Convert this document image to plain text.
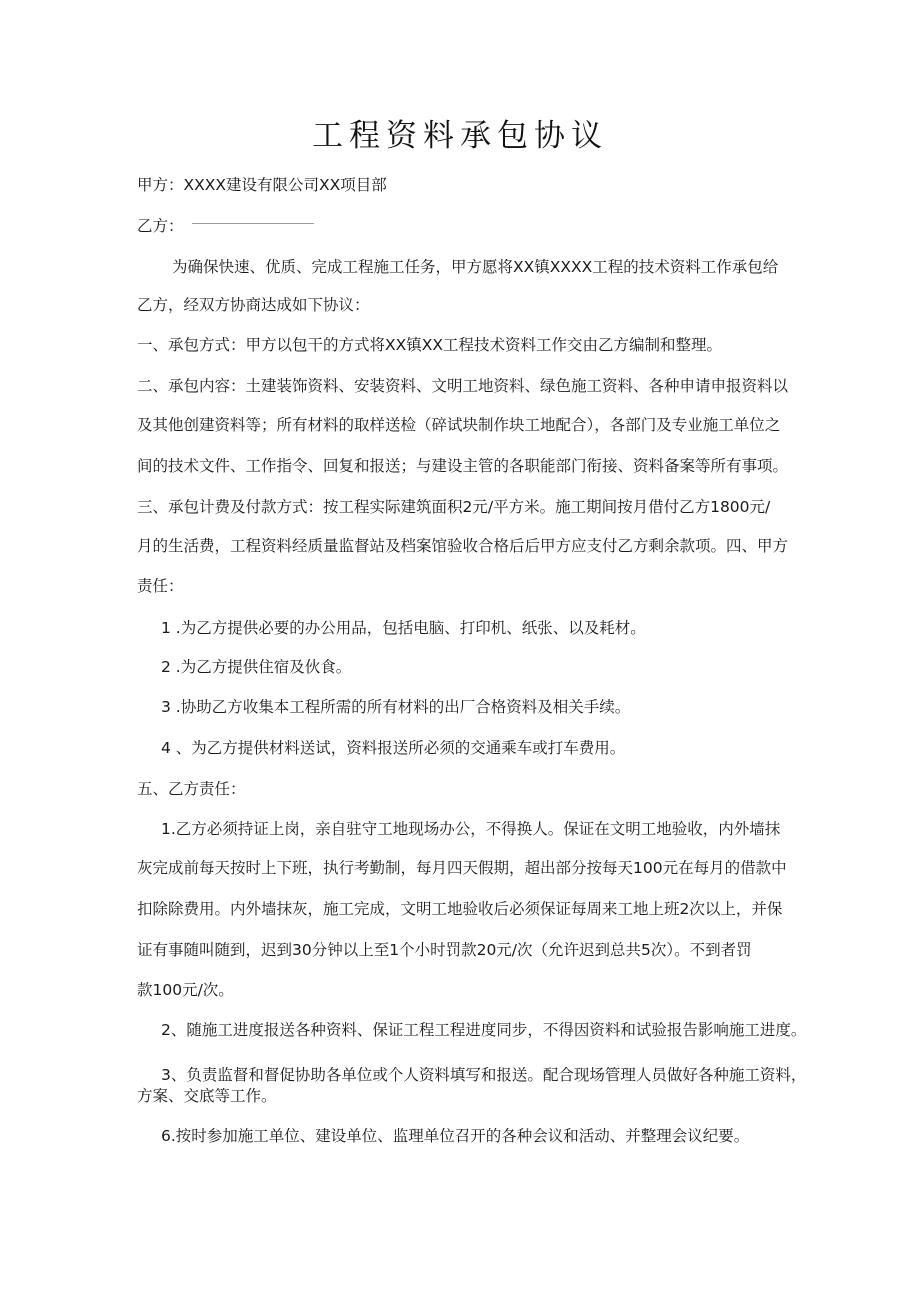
工程资料承包协议
甲方：XXXX建设有限公司XX项目部
乙方：
为确保快速、优质、完成工程施工任务，甲方愿将XX镇XXXX工程的技术资料工作承包给
乙方，经双方协商达成如下协议：
一、承包方式：甲方以包干的方式将XX镇XX工程技术资料工作交由乙方编制和整理。
二、承包内容：土建装饰资料、安装资料、文明工地资料、绿色施工资料、各种申请申报资料以
及其他创建资料等；所有材料的取样送检（碎试块制作块工地配合），各部门及专业施工单位之
间的技术文件、工作指令、回复和报送；与建设主管的各职能部门衔接、资料备案等所有事项。
三、承包计费及付款方式：按工程实际建筑面积2元/平方米。施工期间按月借付乙方1800元/
月的生活费，工程资料经质量监督站及档案馆验收合格后后甲方应支付乙方剩余款项。四、甲方
责任：
1 .为乙方提供必要的办公用品，包括电脑、打印机、纸张、以及耗材。
2 .为乙方提供住宿及伙食。
3 .协助乙方收集本工程所需的所有材料的出厂合格资料及相关手续。
4 、为乙方提供材料送试，资料报送所必须的交通乘车或打车费用。
五、乙方责任：
1.乙方必须持证上岗，亲自驻守工地现场办公，不得换人。保证在文明工地验收，内外墙抹
灰完成前每天按时上下班，执行考勤制，每月四天假期，超出部分按每天100元在每月的借款中
扣除除费用。内外墙抹灰，施工完成，文明工地验收后必须保证每周来工地上班2次以上，并保
证有事随叫随到，迟到30分钟以上至1个小时罚款20元/次（允许迟到总共5次）。不到者罚
款100元/次。
2、随施工进度报送各种资料、保证工程工程进度同步，不得因资料和试验报告影响施工进度。
3、负责监督和督促协助各单位或个人资料填写和报送。配合现场管理人员做好各种施工资料，
方案、交底等工作。
6.按时参加施工单位、建设单位、监理单位召开的各种会议和活动、并整理会议纪要。
